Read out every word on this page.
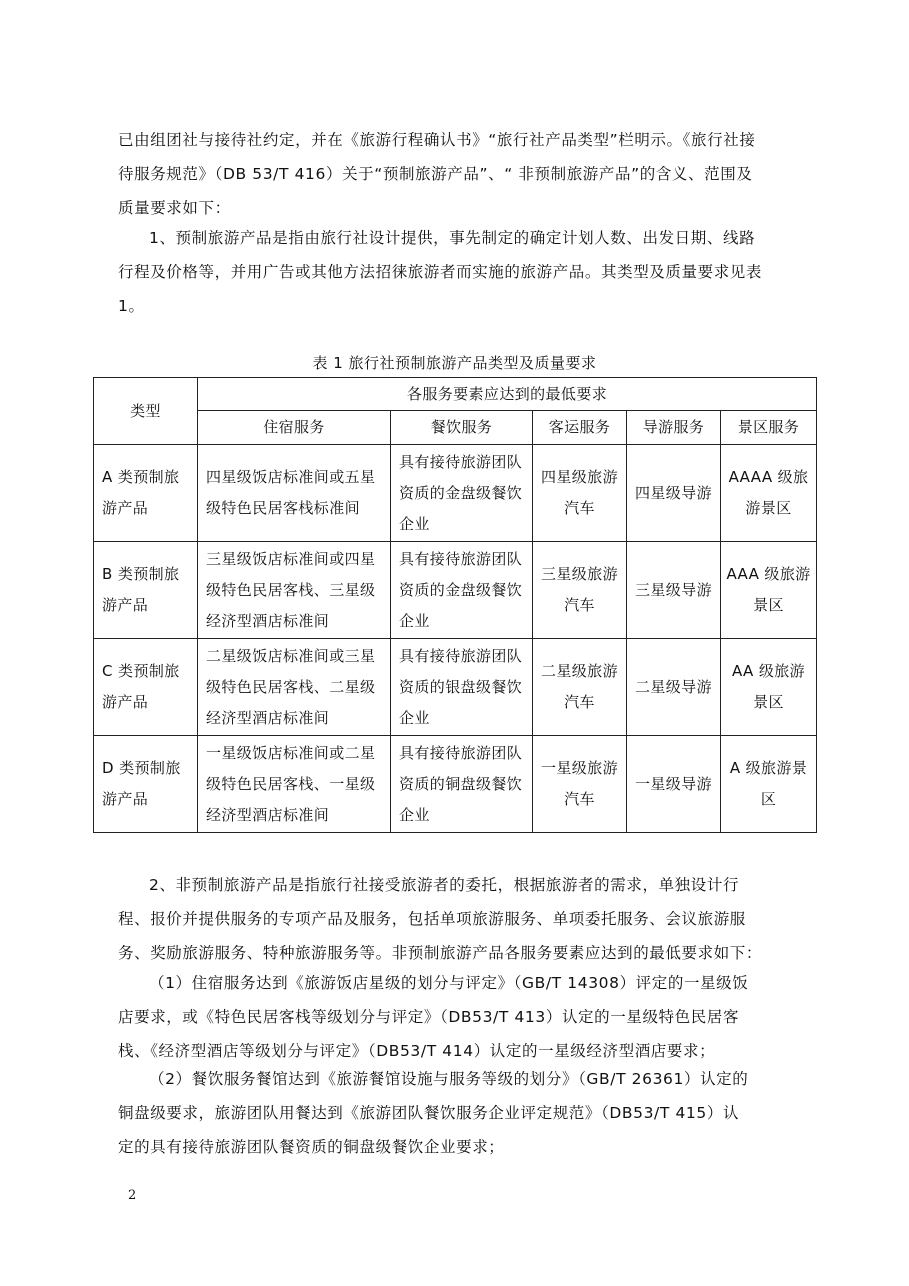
已由组团社与接待社约定，并在《旅游行程确认书》“旅行社产品类型”栏明示。《旅行社接
待服务规范》（DB 53/T 416）关于“预制旅游产品”、“ 非预制旅游产品”的含义、范围及
质量要求如下：

1、预制旅游产品是指由旅行社设计提供，事先制定的确定计划人数、出发日期、线路
行程及价格等，并用广告或其他方法招徕旅游者而实施的旅游产品。其类型及质量要求见表
1。

表 1 旅行社预制旅游产品类型及质量要求

类型	各服务要素应达到的最低要求				
	住宿服务	餐饮服务	客运服务	导游服务	景区服务
A 类预制旅游产品	四星级饭店标准间或五星级特色民居客栈标准间	具有接待旅游团队资质的金盘级餐饮企业	四星级旅游汽车	四星级导游	AAAA 级旅游景区
B 类预制旅游产品	三星级饭店标准间或四星级特色民居客栈、三星级经济型酒店标准间	具有接待旅游团队资质的金盘级餐饮企业	三星级旅游汽车	三星级导游	AAA 级旅游景区
C 类预制旅游产品	二星级饭店标准间或三星级特色民居客栈、二星级经济型酒店标准间	具有接待旅游团队资质的银盘级餐饮企业	二星级旅游汽车	二星级导游	AA 级旅游景区
D 类预制旅游产品	一星级饭店标准间或二星级特色民居客栈、一星级经济型酒店标准间	具有接待旅游团队资质的铜盘级餐饮企业	一星级旅游汽车	一星级导游	A 级旅游景区

2、非预制旅游产品是指旅行社接受旅游者的委托，根据旅游者的需求，单独设计行
程、报价并提供服务的专项产品及服务，包括单项旅游服务、单项委托服务、会议旅游服
务、奖励旅游服务、特种旅游服务等。非预制旅游产品各服务要素应达到的最低要求如下：

（1）住宿服务达到《旅游饭店星级的划分与评定》（GB/T 14308）评定的一星级饭
店要求，或《特色民居客栈等级划分与评定》（DB53/T 413）认定的一星级特色民居客
栈、《经济型酒店等级划分与评定》（DB53/T 414）认定的一星级经济型酒店要求；

（2）餐饮服务餐馆达到《旅游餐馆设施与服务等级的划分》（GB/T 26361）认定的
铜盘级要求，旅游团队用餐达到《旅游团队餐饮服务企业评定规范》（DB53/T 415）认
定的具有接待旅游团队餐资质的铜盘级餐饮企业要求；

2
